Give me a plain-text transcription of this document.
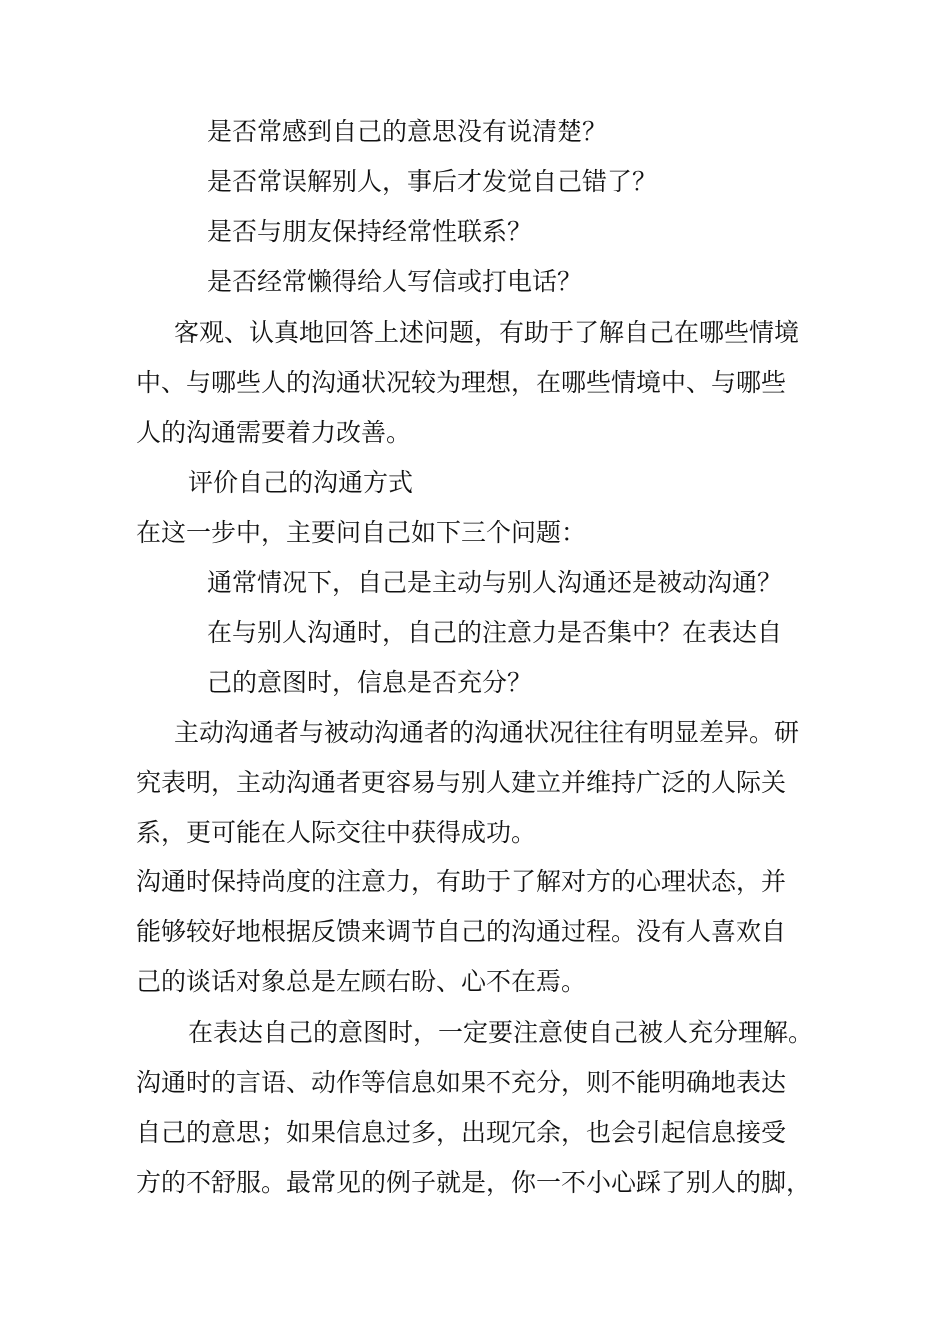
是否常感到自己的意思没有说清楚？
是否常误解别人，事后才发觉自己错了？
是否与朋友保持经常性联系？
是否经常懒得给人写信或打电话？
客观、认真地回答上述问题，有助于了解自己在哪些情境
中、与哪些人的沟通状况较为理想，在哪些情境中、与哪些
人的沟通需要着力改善。
评价自己的沟通方式
在这一步中，主要问自己如下三个问题：
通常情况下，自己是主动与别人沟通还是被动沟通？
在与别人沟通时，自己的注意力是否集中？在表达自
己的意图时，信息是否充分？
主动沟通者与被动沟通者的沟通状况往往有明显差异。研
究表明，主动沟通者更容易与别人建立并维持广泛的人际关
系，更可能在人际交往中获得成功。
沟通时保持尚度的注意力，有助于了解对方的心理状态，并
能够较好地根据反馈来调节自己的沟通过程。没有人喜欢自
己的谈话对象总是左顾右盼、心不在焉。
在表达自己的意图时，一定要注意使自己被人充分理解。
沟通时的言语、动作等信息如果不充分，则不能明确地表达
自己的意思；如果信息过多，出现冗余，也会引起信息接受
方的不舒服。最常见的例子就是，你一不小心踩了别人的脚，
